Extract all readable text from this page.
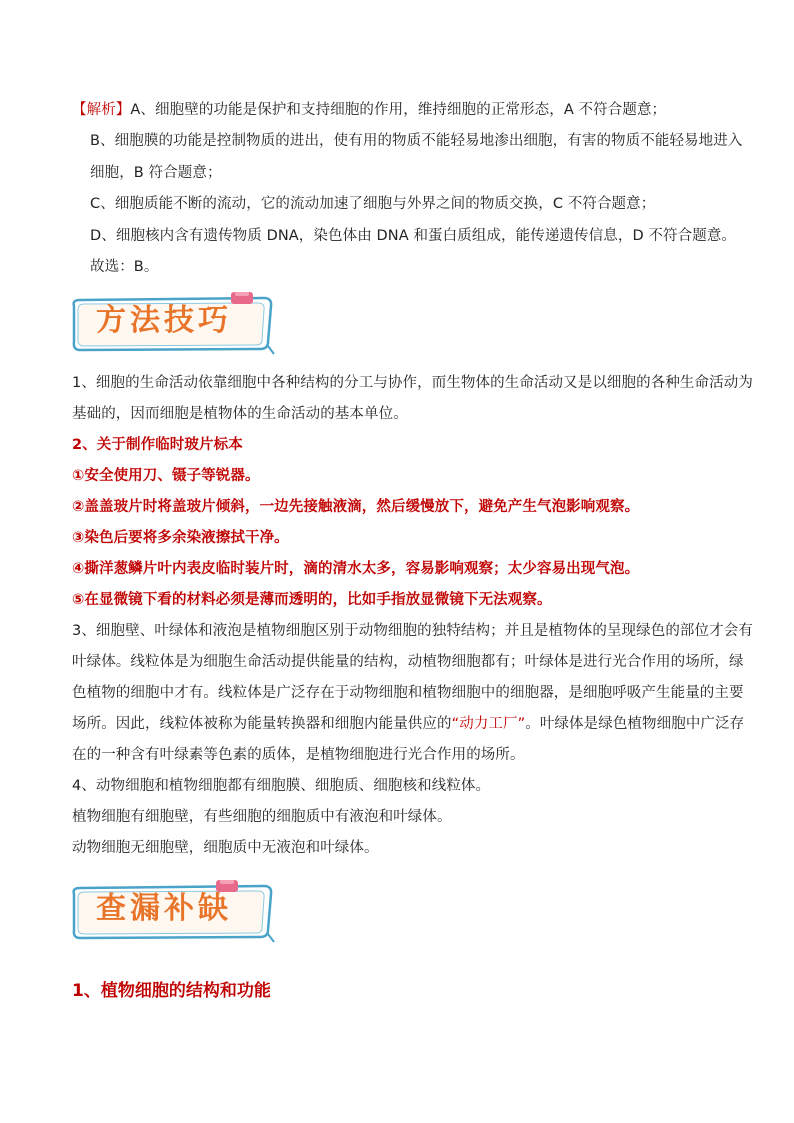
【解析】A、细胞壁的功能是保护和支持细胞的作用，维持细胞的正常形态，A 不符合题意；
B、细胞膜的功能是控制物质的进出，使有用的物质不能轻易地渗出细胞，有害的物质不能轻易地进入
细胞，B 符合题意；
C、细胞质能不断的流动，它的流动加速了细胞与外界之间的物质交换，C 不符合题意；
D、细胞核内含有遗传物质 DNA，染色体由 DNA 和蛋白质组成，能传递遗传信息，D 不符合题意。
故选：B。
方法技巧
1、细胞的生命活动依靠细胞中各种结构的分工与协作，而生物体的生命活动又是以细胞的各种生命活动为
基础的，因而细胞是植物体的生命活动的基本单位。
2、关于制作临时玻片标本
①安全使用刀、镊子等锐器。
②盖盖玻片时将盖玻片倾斜，一边先接触液滴，然后缓慢放下，避免产生气泡影响观察。
③染色后要将多余染液擦拭干净。
④撕洋葱鳞片叶内表皮临时装片时，滴的清水太多，容易影响观察；太少容易出现气泡。
⑤在显微镜下看的材料必须是薄而透明的，比如手指放显微镜下无法观察。
3、细胞壁、叶绿体和液泡是植物细胞区别于动物细胞的独特结构；并且是植物体的呈现绿色的部位才会有
叶绿体。线粒体是为细胞生命活动提供能量的结构，动植物细胞都有；叶绿体是进行光合作用的场所，绿
色植物的细胞中才有。线粒体是广泛存在于动物细胞和植物细胞中的细胞器，是细胞呼吸产生能量的主要
场所。因此，线粒体被称为能量转换器和细胞内能量供应的“动力工厂”。叶绿体是绿色植物细胞中广泛存
在的一种含有叶绿素等色素的质体，是植物细胞进行光合作用的场所。
4、动物细胞和植物细胞都有细胞膜、细胞质、细胞核和线粒体。
植物细胞有细胞壁，有些细胞的细胞质中有液泡和叶绿体。
动物细胞无细胞壁，细胞质中无液泡和叶绿体。
查漏补缺
1、植物细胞的结构和功能
